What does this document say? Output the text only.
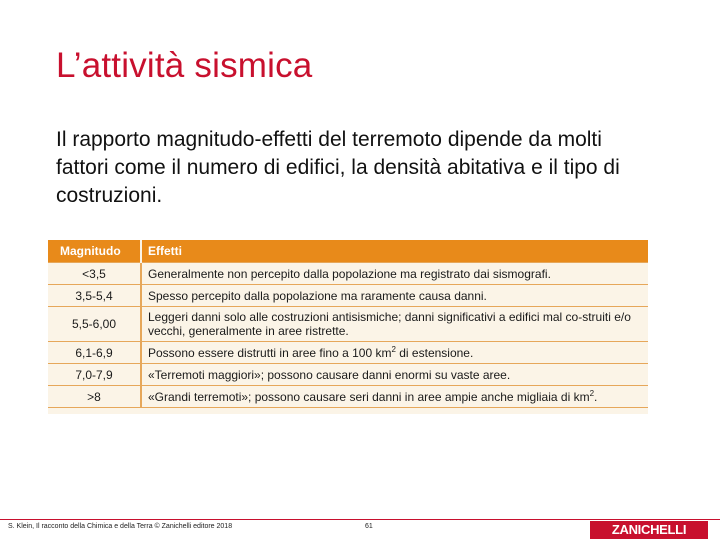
L’attività sismica

Il rapporto magnitudo-effetti del terremoto dipende da molti fattori come il numero di edifici, la densità abitativa e il tipo di costruzioni.

Magnitudo	Effetti
<3,5	Generalmente non percepito dalla popolazione ma registrato dai sismografi.
3,5-5,4	Spesso percepito dalla popolazione ma raramente causa danni.
5,5-6,00	Leggeri danni solo alle costruzioni antisismiche; danni significativi a edifici mal co-struiti e/o vecchi, generalmente in aree ristrette.
6,1-6,9	Possono essere distrutti in aree fino a 100 $km^2$ di estensione.
7,0-7,9	«Terremoti maggiori»; possono causare danni enormi su vaste aree.
>8	«Grandi terremoti»; possono causare seri danni in aree ampie anche migliaia di $km^2$.
S. Klein, Il racconto della Chimica e della Terra © Zanichelli editore 2018	61	ZANICHELLI
